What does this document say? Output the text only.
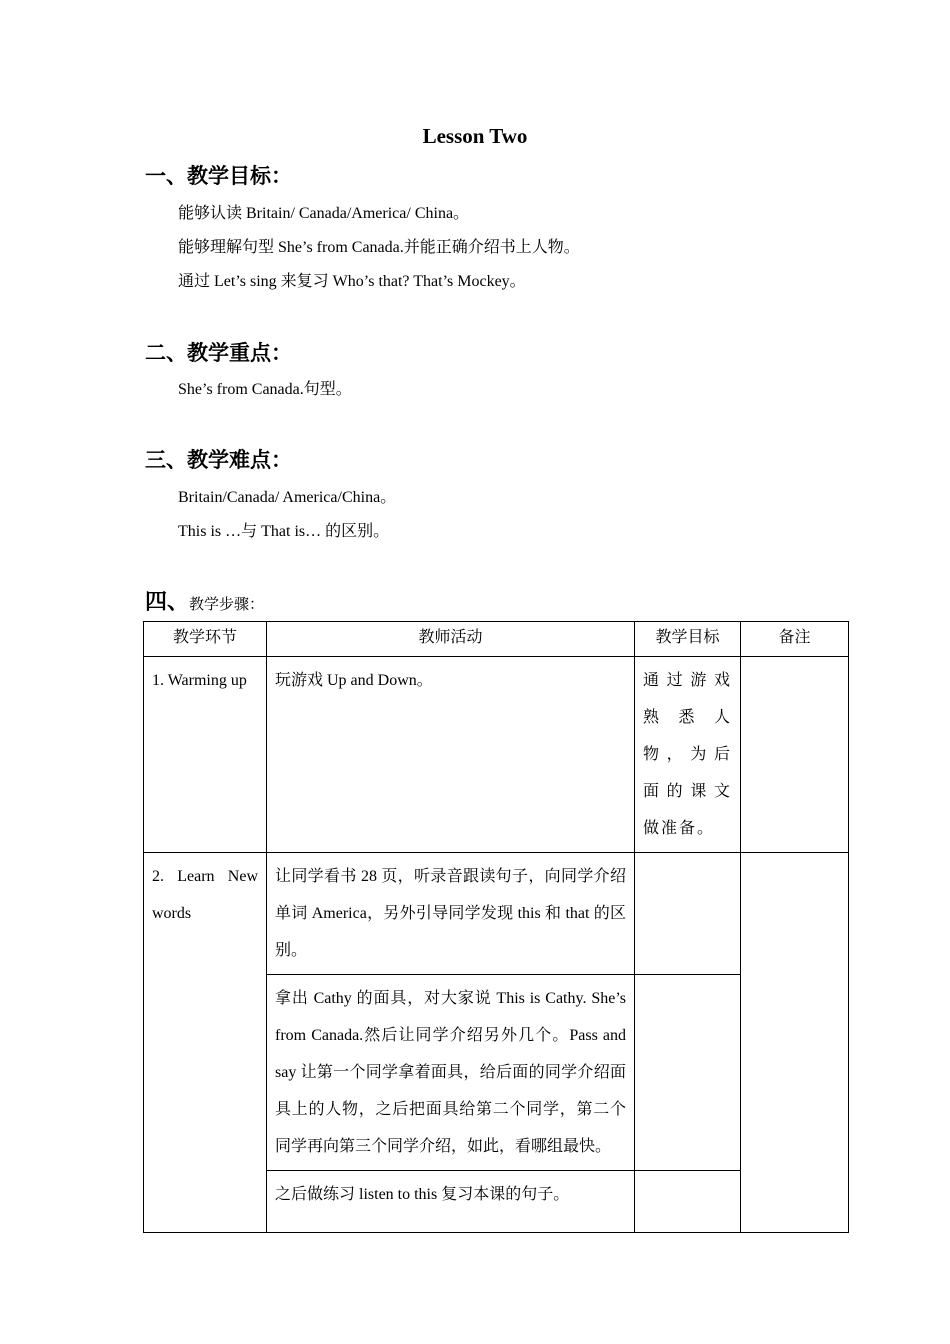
Lesson Two
一、教学目标：
能够认读 Britain/ Canada/America/ China。
能够理解句型 She’s from Canada.并能正确介绍书上人物。
通过 Let’s sing 来复习 Who’s that? That’s Mockey。
二、教学重点：
She’s from Canada.句型。
三、教学难点：
Britain/Canada/ America/China。
This is …与 That is… 的区别。
四、教学步骤：
教学环节	教师活动	教学目标	备注
1. Warming up	玩游戏 Up and Down。	通过游戏熟悉人物，为后面的课文做准备。	
2. Learn New words	让同学看书 28 页，听录音跟读句子，向同学介绍单词 America，另外引导同学发现 this 和 that 的区别。		
	拿出 Cathy 的面具，对大家说 This is Cathy. She’s from Canada.然后让同学介绍另外几个。Pass and say 让第一个同学拿着面具，给后面的同学介绍面具上的人物，之后把面具给第二个同学，第二个同学再向第三个同学介绍，如此，看哪组最快。		
	之后做练习 listen to this 复习本课的句子。		
